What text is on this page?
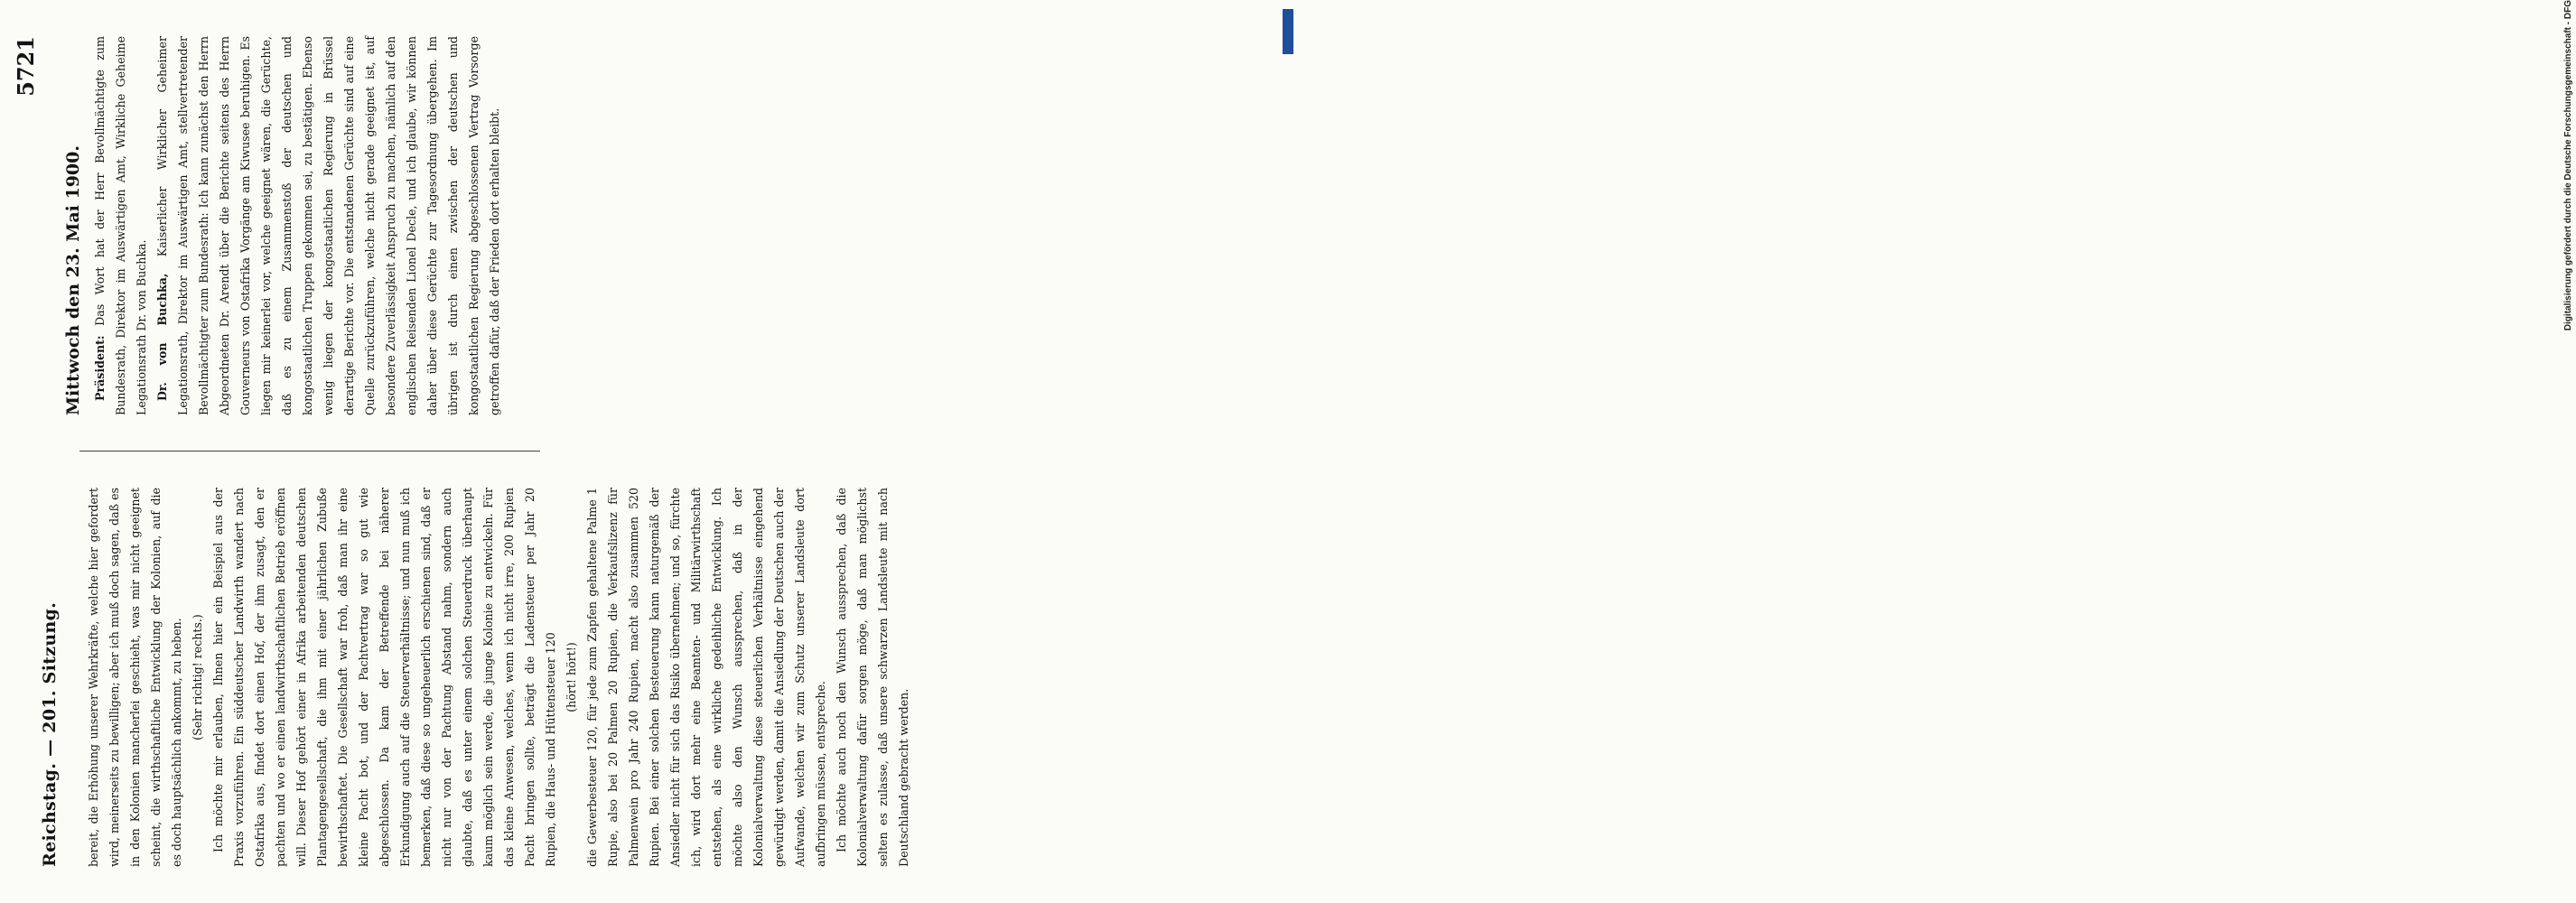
Reichstag. — 201. Sitzung.
5721

bereit, die Erhöhung unserer Wehrkräfte, welche hier gefordert wird, meinerseits zu bewilligen; aber ich muß doch sagen, daß es in den Kolonien mancherlei geschieht, was mir nicht geeignet scheint, die wirthschaftliche Entwicklung der Kolonien, auf die es doch hauptsächlich ankommt, zu heben. (Sehr richtig! rechts.) Ich möchte mir erlauben, Ihnen hier ein Beispiel aus der Praxis vorzuführen. Ein süddeutscher Landwirth wandert nach Ostafrika aus, findet dort einen Hof, der ihm zusagt, den er pachten und wo er einen landwirthschaftlichen Betrieb eröffnen will. Dieser Hof gehört einer in Afrika arbeitenden deutschen Plantagengesellschaft, die ihm mit einer jährlichen Zubuße bewirthschaftet. Die Gesellschaft war froh, daß man ihr eine kleine Pacht bot, und der Pachtvertrag war so gut wie abgeschlossen. Da kam der Betreffende bei näherer Erkundigung auch auf die Steuerverhältnisse; und nun muß ich bemerken, daß diese so ungeheuerlich erschienen sind, daß er nicht nur von der Pachtung Abstand nahm, sondern auch glaubte, daß es unter einem solchen Steuerdruck überhaupt kaum möglich sein werde, die junge Kolonie zu entwickeln. Für das kleine Anwesen, welches, wenn ich nicht irre, 200 Rupien Pacht bringen sollte, beträgt die Ladensteuer per Jahr 20 Rupien, die Haus- und Hüttensteuer 120 (hört! hört!) die Gewerbesteuer 120, für jede zum Zapfen gehaltene Palme 1 Rupie, also bei 20 Palmen 20 Rupien, die Verkaufslizenz für Palmenwein pro Jahr 240 Rupien, macht also zusammen 520 Rupien. Bei einer solchen Besteuerung kann naturgemäß der Ansiedler nicht für sich das Risiko übernehmen; und so, fürchte ich, wird dort mehr eine Beamten- und Militärwirthschaft entstehen, als eine wirkliche gedeihliche Entwicklung. Ich möchte also den Wunsch aussprechen, daß in der Kolonialverwaltung diese steuerlichen Verhältnisse eingehend gewürdigt werden, damit die Ansiedlung der Deutschen auch der Aufwande, welchen wir zum Schutz unserer Landsleute dort aufbringen müssen, entspreche. Ich möchte auch noch den Wunsch aussprechen, daß die Kolonialverwaltung dafür sorgen möge, daß man möglichst selten es zulasse, daß unsere schwarzen Landsleute mit nach Deutschland gebracht werden.

Mittwoch den 23. Mai 1900. Präsident: Das Wort hat der Herr Bevollmächtigte zum Bundesrath, Direktor im Auswärtigen Amt, Wirkliche Geheime Legationsrath Dr. von Buchka. Dr. von Buchka, Kaiserlicher Wirklicher Geheimer Legationsrath, Direktor im Auswärtigen Amt, stellvertretender Bevollmächtigter zum Bundesrath: Ich kann zunächst den Herrn Abgeordneten Dr. Arendt über die Berichte seitens des Herrn Gouverneurs von Ostafrika Vorgänge am Kiwusee beruhigen. Es liegen mir keinerlei vor, welche geeignet wären, die Gerüchte, daß es zu einem Zusammenstoß der deutschen und kongostaatlichen Truppen gekommen sei, zu bestätigen. Ebenso wenig liegen der kongostaatlichen Regierung in Brüssel derartige Berichte vor. Die entstandenen Gerüchte sind auf eine Quelle zurückzuführen, welche nicht gerade geeignet ist, auf besondere Zuverlässigkeit Anspruch zu machen, nämlich auf den englischen Reisenden Lionel Decle, und ich glaube, wir können daher über diese Gerüchte zur Tagesordnung übergehen. Im übrigen ist durch einen zwischen der deutschen und kongostaatlichen Regierung abgeschlossenen Vertrag Vorsorge getroffen dafür, daß der Frieden dort erhalten bleibt.	Digitalisierung gefördert durch die Deutsche Forschungsgemeinschaft - DFG
